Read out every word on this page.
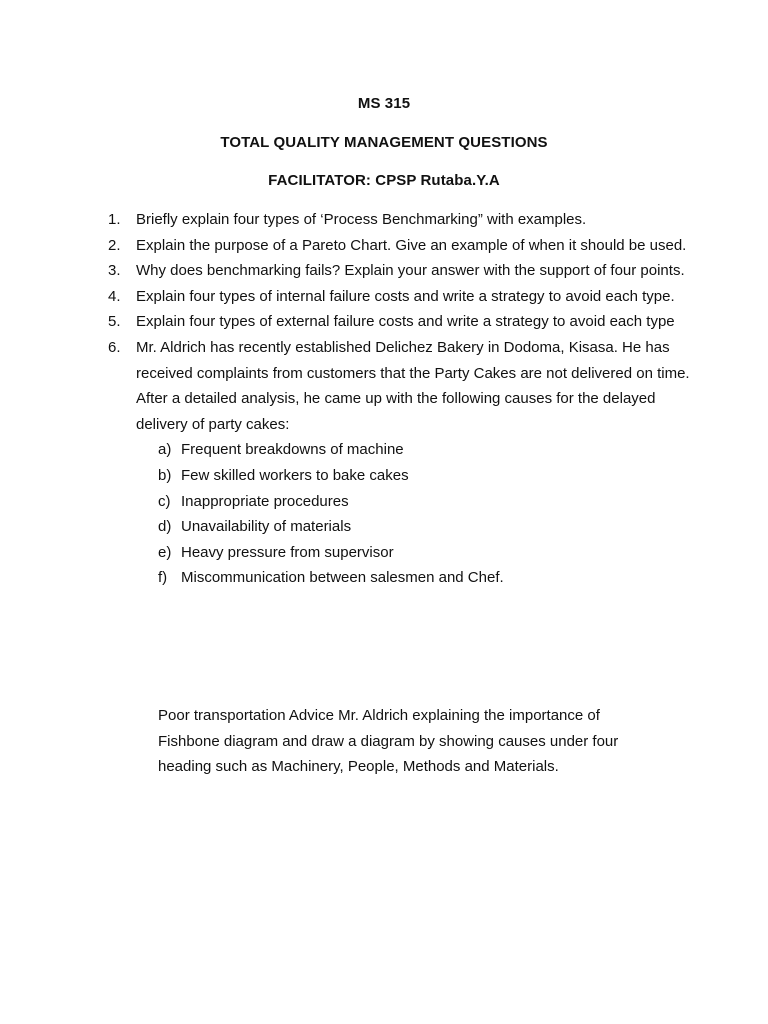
MS 315
TOTAL QUALITY MANAGEMENT QUESTIONS
FACILITATOR: CPSP Rutaba.Y.A
1. Briefly explain four types of ‘Process Benchmarking” with examples.
2. Explain the purpose of a Pareto Chart. Give an example of when it should be used.
3. Why does benchmarking fails? Explain your answer with the support of four points.
4. Explain four types of internal failure costs and write a strategy to avoid each type.
5. Explain four types of external failure costs and write a strategy to avoid each type
6. Mr. Aldrich has recently established Delichez Bakery in Dodoma, Kisasa. He has received complaints from customers that the Party Cakes are not delivered on time. After a detailed analysis, he came up with the following causes for the delayed delivery of party cakes:
a) Frequent breakdowns of machine
b) Few skilled workers to bake cakes
c) Inappropriate procedures
d) Unavailability of materials
e) Heavy pressure from supervisor
f) Miscommunication between salesmen and Chef.

Poor transportation Advice Mr. Aldrich explaining the importance of Fishbone diagram and draw a diagram by showing causes under four heading such as Machinery, People, Methods and Materials.
